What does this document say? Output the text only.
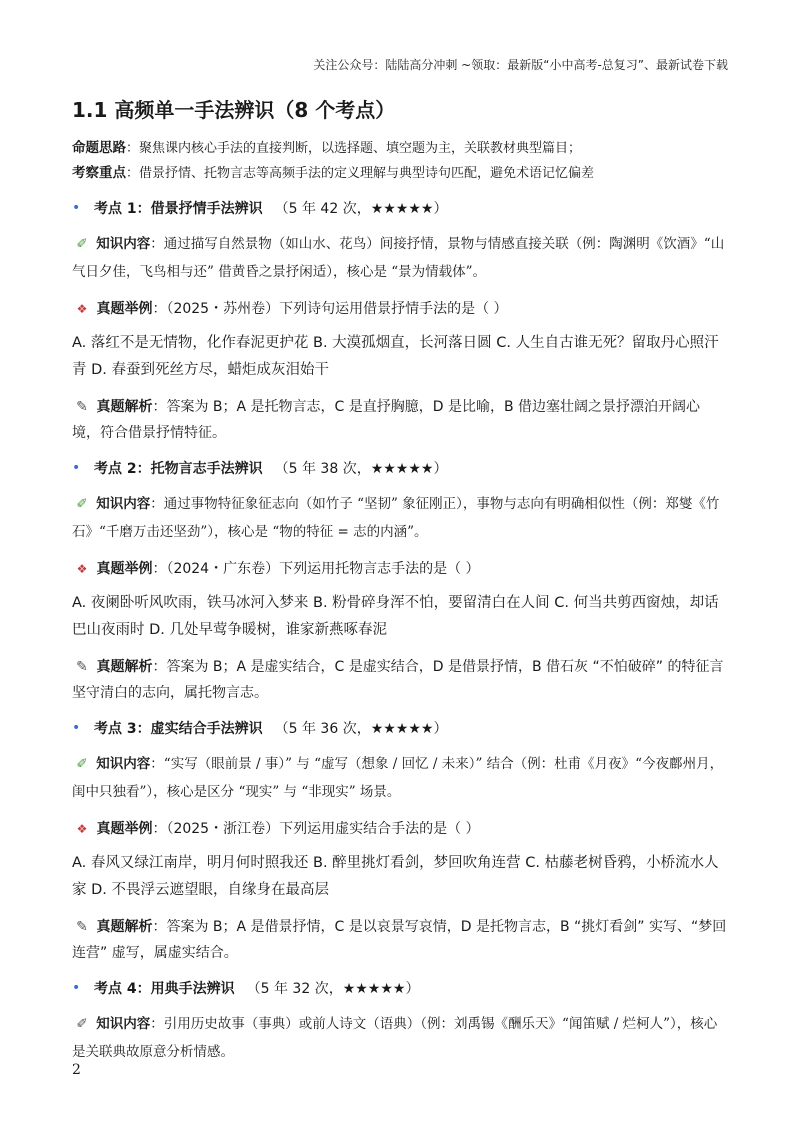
关注公众号：陆陆高分冲刺 ~领取：最新版“小中高考-总复习”、最新试卷下载
1.1 高频单一手法辨识（8 个考点）

命题思路：聚焦课内核心手法的直接判断，以选择题、填空题为主，关联教材典型篇目；

考察重点：借景抒情、托物言志等高频手法的定义理解与典型诗句匹配，避免术语记忆偏差

• 考点 1：借景抒情手法辨识 （5 年 42 次，★★★★★）
✐ 知识内容：通过描写自然景物（如山水、花鸟）间接抒情，景物与情感直接关联（例：陶渊明《饮酒》“山气日夕佳，飞鸟相与还” 借黄昏之景抒闲适），核心是 “景为情载体”。
❖ 真题举例：（2025・苏州卷）下列诗句运用借景抒情手法的是（ ）
A. 落红不是无情物，化作春泥更护花 B. 大漠孤烟直，长河落日圆 C. 人生自古谁无死？留取丹心照汗青 D. 春蚕到死丝方尽，蜡炬成灰泪始干
✎ 真题解析：答案为 B；A 是托物言志，C 是直抒胸臆，D 是比喻，B 借边塞壮阔之景抒漂泊开阔心境，符合借景抒情特征。
• 考点 2：托物言志手法辨识 （5 年 38 次，★★★★★）
✐ 知识内容：通过事物特征象征志向（如竹子 “坚韧” 象征刚正），事物与志向有明确相似性（例：郑燮《竹石》“千磨万击还坚劲”），核心是 “物的特征 = 志的内涵”。
❖ 真题举例：（2024・广东卷）下列运用托物言志手法的是（ ）
A. 夜阑卧听风吹雨，铁马冰河入梦来 B. 粉骨碎身浑不怕，要留清白在人间 C. 何当共剪西窗烛，却话巴山夜雨时 D. 几处早莺争暖树，谁家新燕啄春泥
✎ 真题解析：答案为 B；A 是虚实结合，C 是虚实结合，D 是借景抒情，B 借石灰 “不怕破碎” 的特征言坚守清白的志向，属托物言志。
• 考点 3：虚实结合手法辨识 （5 年 36 次，★★★★★）
✐ 知识内容：“实写（眼前景 / 事）” 与 “虚写（想象 / 回忆 / 未来）” 结合（例：杜甫《月夜》“今夜鄜州月，闺中只独看”），核心是区分 “现实” 与 “非现实” 场景。
❖ 真题举例：（2025・浙江卷）下列运用虚实结合手法的是（ ）
A. 春风又绿江南岸，明月何时照我还 B. 醉里挑灯看剑，梦回吹角连营 C. 枯藤老树昏鸦，小桥流水人家 D. 不畏浮云遮望眼，自缘身在最高层
✎ 真题解析：答案为 B；A 是借景抒情，C 是以哀景写哀情，D 是托物言志，B “挑灯看剑” 实写、“梦回连营” 虚写，属虚实结合。
• 考点 4：用典手法辨识 （5 年 32 次，★★★★★）
✐ 知识内容：引用历史故事（事典）或前人诗文（语典）（例：刘禹锡《酬乐天》“闻笛赋 / 烂柯人”），核心是关联典故原意分析情感。
2
